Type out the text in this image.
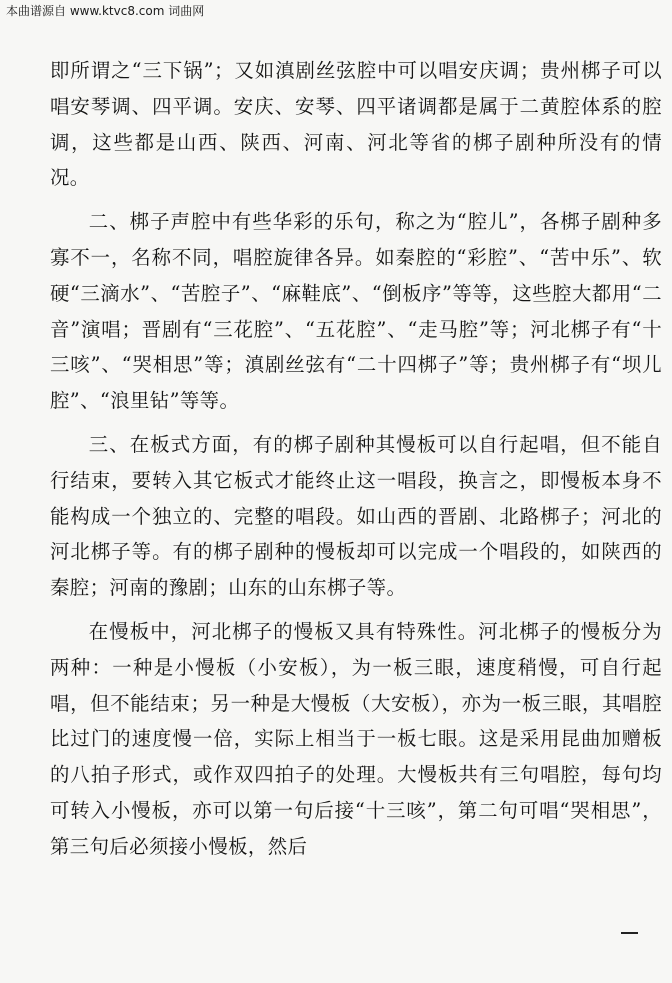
本曲谱源自 www.ktvc8.com 词曲网

即所谓之“三下锅”；又如滇剧丝弦腔中可以唱安庆调；贵州梆子可以唱安琴调、四平调。安庆、安琴、四平诸调都是属于二黄腔体系的腔调，这些都是山西、陕西、河南、河北等省的梆子剧种所没有的情况。

二、梆子声腔中有些华彩的乐句，称之为“腔儿”，各梆子剧种多寡不一，名称不同，唱腔旋律各异。如秦腔的“彩腔”、“苦中乐”、软硬“三滴水”、“苦腔子”、“麻鞋底”、“倒板序”等等，这些腔大都用“二音”演唱；晋剧有“三花腔”、“五花腔”、“走马腔”等；河北梆子有“十三咳”、“哭相思”等；滇剧丝弦有“二十四梆子”等；贵州梆子有“坝儿腔”、“浪里钻”等等。

三、在板式方面，有的梆子剧种其慢板可以自行起唱，但不能自行结束，要转入其它板式才能终止这一唱段，换言之，即慢板本身不能构成一个独立的、完整的唱段。如山西的晋剧、北路梆子；河北的河北梆子等。有的梆子剧种的慢板却可以完成一个唱段的，如陕西的秦腔；河南的豫剧；山东的山东梆子等。

在慢板中，河北梆子的慢板又具有特殊性。河北梆子的慢板分为两种：一种是小慢板（小安板），为一板三眼，速度稍慢，可自行起唱，但不能结束；另一种是大慢板（大安板），亦为一板三眼，其唱腔比过门的速度慢一倍，实际上相当于一板七眼。这是采用昆曲加赠板的八拍子形式，或作双四拍子的处理。大慢板共有三句唱腔，每句均可转入小慢板，亦可以第一句后接“十三咳”，第二句可唱“哭相思”，第三句后必须接小慢板，然后
